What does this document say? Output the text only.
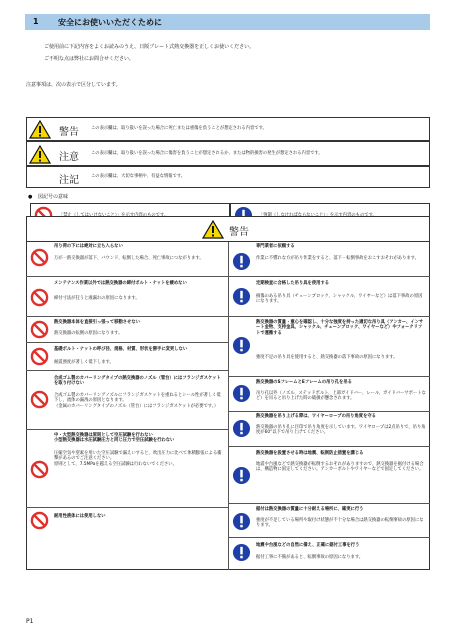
1 安全にお使いいただくために
ご使用前に下記内容をよくお読みのうえ、日阪プレート式熱交換器を正しくお使いください。
ご不明な点は弊社にお問合せください。
注意事項は、次の表示で区分しています。
警告	この表示欄は、取り扱いを誤った場合に死亡または重傷を負うことが想定される内容です。
注意	この表示欄は、取り扱いを誤った場合に傷害を負うことが想定されるか、または物的損害の発生が想定される内容です。
注記	この表示欄は、大切な事柄や、有益な情報です。
● 図記号の意味
警告
吊り荷の下には絶対に立ち入らない
万が一熱交換器が落下、バウンド、転倒した場合、死亡事故につながります。
メンテナンス作業以外では熱交換器の締付ボルト・ナットを緩めない
締付寸法が狂うと液漏れの原因になります。
熱交換器本体を直接引っ張って移動させない
熱交換器の転倒の原因になります。
基礎ボルト・ナットの呼び径、規格、材質、形状を勝手に変更しない
耐震強度が著しく低下します。
合成ゴム製のカバーリングタイプの熱交換器のノズル（管台）にはフランジガスケットを取り付けない
合成ゴム製のカバーリングノズルにフランジガスケットを重ねるとシール性が著しく低下し、流体の漏洩の原因となります。
（金属のカバーリングタイプのノズル（管台）にはフランジガスケットが必要です。）
中・大型熱交換器は原則として空圧試験を行わない
小型熱交換器は水圧試験圧力と同じ圧力で空圧試験を行わない
圧縮空気や窒素を用いた空圧試験で漏えいすると、吹出圧力に比べて体積膨張による衝撃があるのでご注意ください。
原則として、7.5MPaを越える空圧試験は行わないでください。
耐用性液体には使用しない
専門業者に依頼する
作業に不慣れな方が吊り作業をすると、落下・転倒事故をおこすおそれがあります。
定期検査に合格した吊り具を使用する
損傷のある吊り具（チェーンブロック、シャックル、ワイヤーなど）は落下事故の原因になります。
熱交換器の質量・重心を確認し、十分な強度を持った適切な吊り具（アンカー、インサート金物、支持金具、シャックル、チェーンブロック、ワイヤーなど）やフォークリフトで運搬する
強度不足の吊り具を使用すると、熱交換器の落下事故の原因になります。
熱交換器のSフレームとEフレームの吊り孔を吊る
吊り孔以外（ノズル、ステッドボルト、上部ガイドバー、レール、ガイドバーサポートなど）を吊ると吊り上げた時の破損が懸念されます。
熱交換器を吊り上げる際は、ワイヤーロープの吊り角度を守る
熱交換器の吊り孔に目印で吊り角度を示しています。ワイヤロープは2点吊りで、吊り角度が60°以下で吊り上げてください。
熱交換器を設置させる時は地震、転倒防止措置を講じる
地震や台風などで熱交換器が転倒するおそれがありますので、熱交換器を据付ける場合は、構造物に固定してください。アンカーボルトやワイヤーなどで固定してください。
据付は熱交換器の質量に十分耐える場所に、確実に行う
強度が不足している場所や取付け状態が不十分な場合は熱交換器の転倒事故の原因になります。
地震や台風などの自然に備え、正確に据付工事を行う
据付工事に不備があると、転倒事故の原因になります。
P1
